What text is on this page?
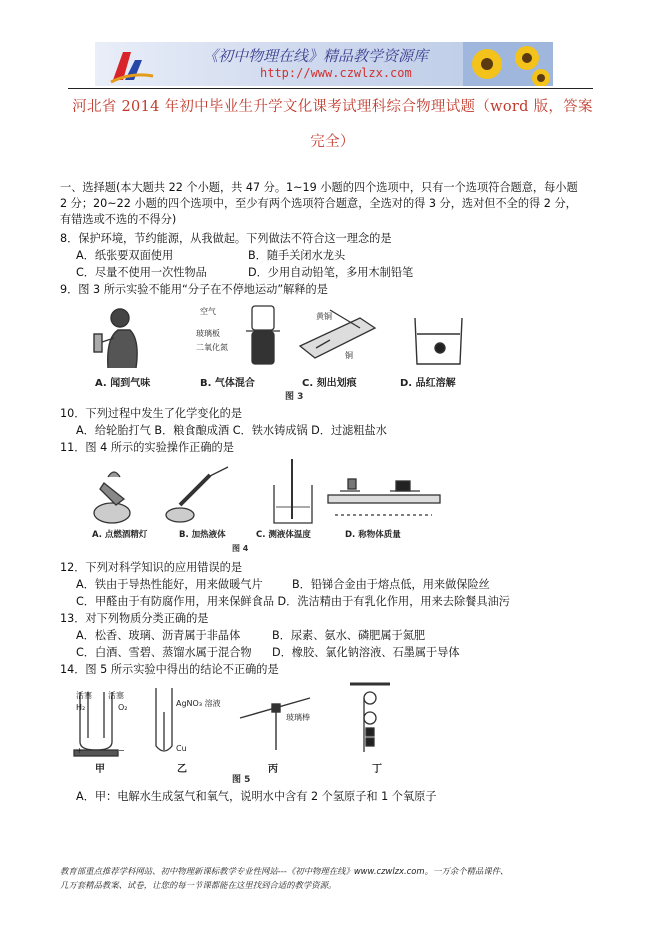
《初中物理在线》精品教学资源库
http://www.czwlzx.com
河北省 2014 年初中毕业生升学文化课考试理科综合物理试题（word 版，答案
完全）
一、选择题(本大题共 22 个小题，共 47 分。1~19 小题的四个选项中，只有一个选项符合题意，每小题
2 分；20~22 小题的四个选项中，至少有两个选项符合题意，全选对的得 3 分，选对但不全的得 2 分，
有错选或不选的不得分)
8．保护环境，节约能源，从我做起。下列做法不符合这一理念的是
A．纸张要双面使用	B．随手关闭水龙头
C．尽量不使用一次性物品	D．少用自动铅笔，多用木制铅笔
9．图 3 所示实验不能用“分子在不停地运动”解释的是
空气
玻璃板
二氧化氮
黄铜
铜
A. 闻到气味	B. 气体混合	C. 刻出划痕	D. 品红溶解
图 3
10．下列过程中发生了化学变化的是
A．给轮胎打气 B．粮食酿成酒 C．铁水铸成锅 D．过滤粗盐水
11．图 4 所示的实验操作正确的是
A. 点燃酒精灯	B. 加热液体	C. 测液体温度	D. 称物体质量
图 4
12．下列对科学知识的应用错误的是
A．铁由于导热性能好，用来做暖气片	B．铅锑合金由于熔点低，用来做保险丝
C．甲醛由于有防腐作用，用来保鲜食品 D．洗洁精由于有乳化作用，用来去除餐具油污
13．对下列物质分类正确的是
A．松香、玻璃、沥青属于非晶体	B．尿素、氨水、磷肥属于氮肥
C．白酒、雪碧、蒸馏水属于混合物 D．橡胶、氯化钠溶液、石墨属于导体
14．图 5 所示实验中得出的结论不正确的是
活塞 活塞
H₂	O₂
+	−
AgNO₃ 溶液
Cu
玻璃棒
甲	乙	丙	丁
图 5
A．甲：电解水生成氢气和氧气，说明水中含有 2 个氢原子和 1 个氧原子
教育部重点推荐学科网站、初中物理新课标教学专业性网站---《初中物理在线》www.czwlzx.com。一万余个精品课件、
几万套精品教案、试卷，让您的每一节课都能在这里找到合适的教学资源。
